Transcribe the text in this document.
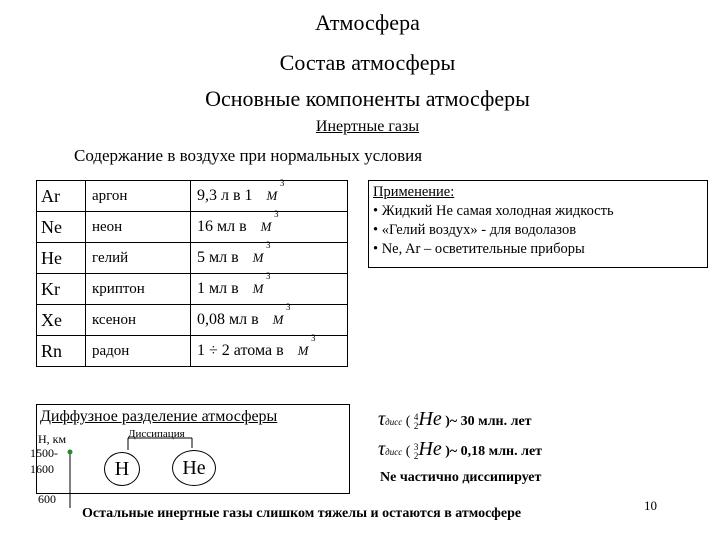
Атмосфера
Состав атмосферы
Основные компоненты атмосферы
Инертные газы
Содержание в воздухе при нормальных условия
Ar	аргон	9,3 л в 1 М
3

Ne	неон	16 мл в М
3

He	гелий	5 мл в М
3

Kr	криптон	1 мл в М
3

Xe	ксенон	0,08 мл в М
3

Rn	радон	1 ÷ 2 атома в М
3
Применение:
• Жидкий He самая холодная жидкость
• «Гелий воздух» - для водолазов
• Ne, Ar – осветительные приборы
Диффузное разделение атмосферы
H, км
1500-
1600
600
Диссипация
H	He
τдисс ( 4
2He )~ 30 млн. лет
τдисс ( 3
2He )~ 0,18 млн. лет
Ne частично диссипирует
Остальные инертные газы слишком тяжелы и остаются в атмосфере
10
